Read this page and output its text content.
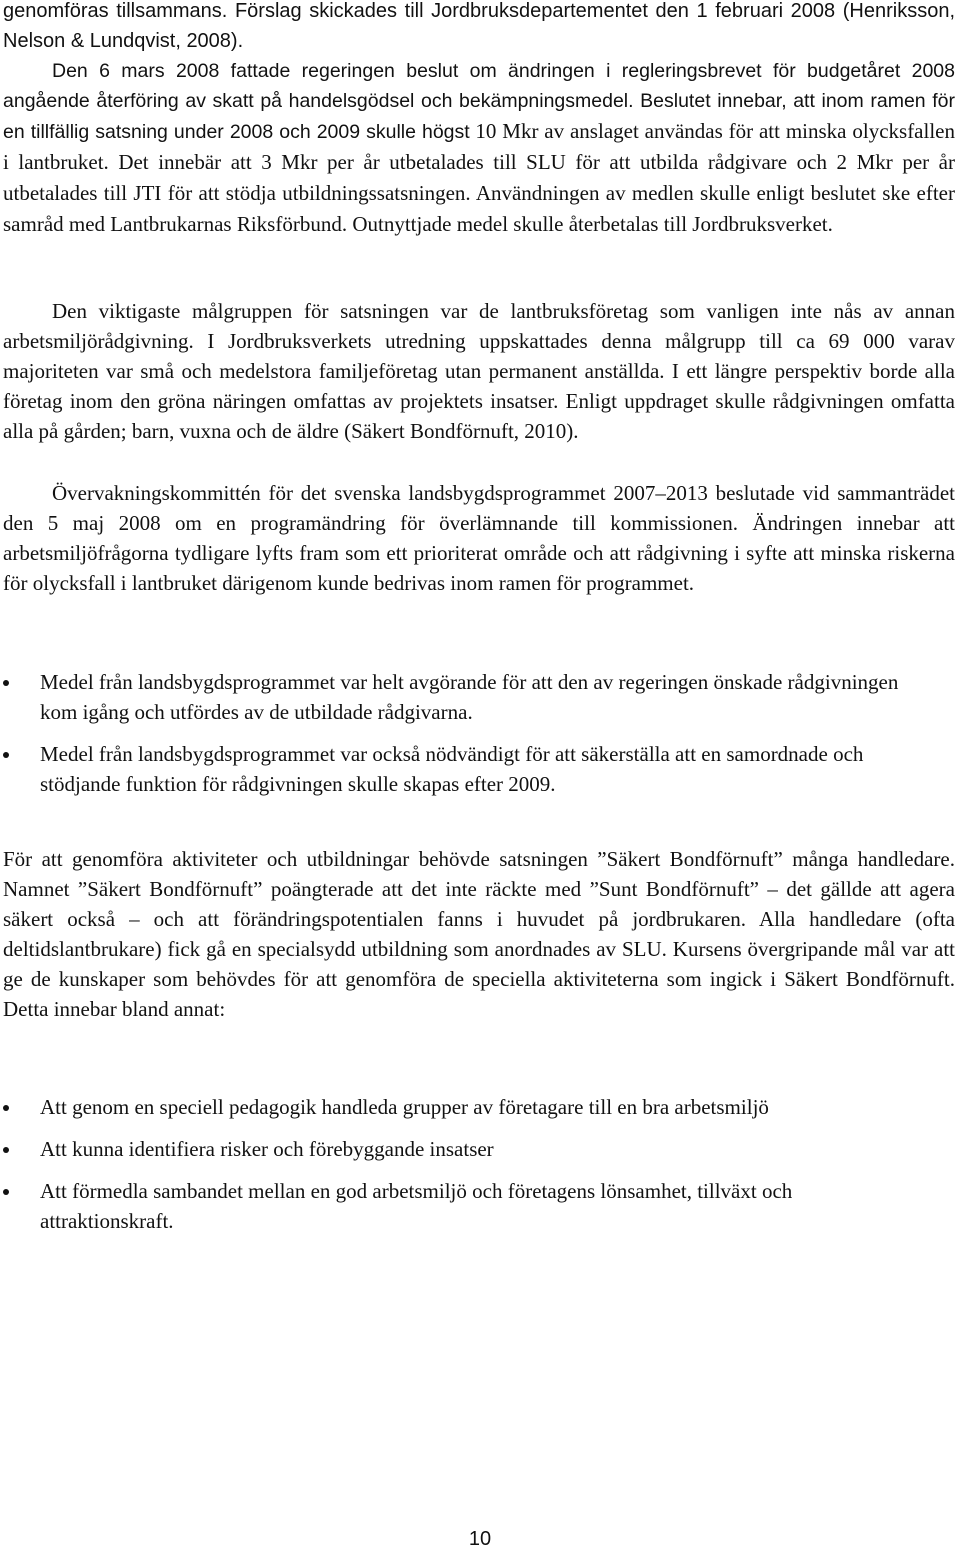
genomföras tillsammans. Förslag skickades till Jordbruksdepartementet den 1 februari 2008 (Henriksson, Nelson & Lundqvist, 2008).

Den 6 mars 2008 fattade regeringen beslut om ändringen i regleringsbrevet för budgetåret 2008 angående återföring av skatt på handelsgödsel och bekämpningsmedel. Beslutet innebar, att inom ramen för en tillfällig satsning under 2008 och 2009 skulle högst 10 Mkr av anslaget användas för att minska olycksfallen i lantbruket. Det innebär att 3 Mkr per år utbetalades till SLU för att utbilda rådgivare och 2 Mkr per år utbetalades till JTI för att stödja utbildningssatsningen. Användningen av medlen skulle enligt beslutet ske efter samråd med Lantbrukarnas Riksförbund. Outnyttjade medel skulle återbetalas till Jordbruksverket.

Den viktigaste målgruppen för satsningen var de lantbruksföretag som vanligen inte nås av annan arbetsmiljörådgivning. I Jordbruksverkets utredning uppskattades denna målgrupp till ca 69 000 varav majoriteten var små och medelstora familjeföretag utan permanent anställda. I ett längre perspektiv borde alla företag inom den gröna näringen omfattas av projektets insatser. Enligt uppdraget skulle rådgivningen omfatta alla på gården; barn, vuxna och de äldre (Säkert Bondförnuft, 2010).

Övervakningskommittén för det svenska landsbygdsprogrammet 2007–2013 beslutade vid sammanträdet den 5 maj 2008 om en programändring för överlämnande till kommissionen. Ändringen innebar att arbetsmiljöfrågorna tydligare lyfts fram som ett prioriterat område och att rådgivning i syfte att minska riskerna för olycksfall i lantbruket därigenom kunde bedrivas inom ramen för programmet.

Medel från landsbygdsprogrammet var helt avgörande för att den av regeringen önskade rådgivningen kom igång och utfördes av de utbildade rådgivarna.
Medel från landsbygdsprogrammet var också nödvändigt för att säkerställa att en samordnade och stödjande funktion för rådgivningen skulle skapas efter 2009.

För att genomföra aktiviteter och utbildningar behövde satsningen ”Säkert Bondförnuft” många handledare. Namnet ”Säkert Bondförnuft” poängterade att det inte räckte med ”Sunt Bondförnuft” – det gällde att agera säkert också – och att förändringspotentialen fanns i huvudet på jordbrukaren. Alla handledare (ofta deltidslantbrukare) fick gå en specialsydd utbildning som anordnades av SLU. Kursens övergripande mål var att ge de kunskaper som behövdes för att genomföra de speciella aktiviteterna som ingick i Säkert Bondförnuft. Detta innebar bland annat:

Att genom en speciell pedagogik handleda grupper av företagare till en bra arbetsmiljö
Att kunna identifiera risker och förebyggande insatser
Att förmedla sambandet mellan en god arbetsmiljö och företagens lönsamhet, tillväxt och attraktionskraft.
10
